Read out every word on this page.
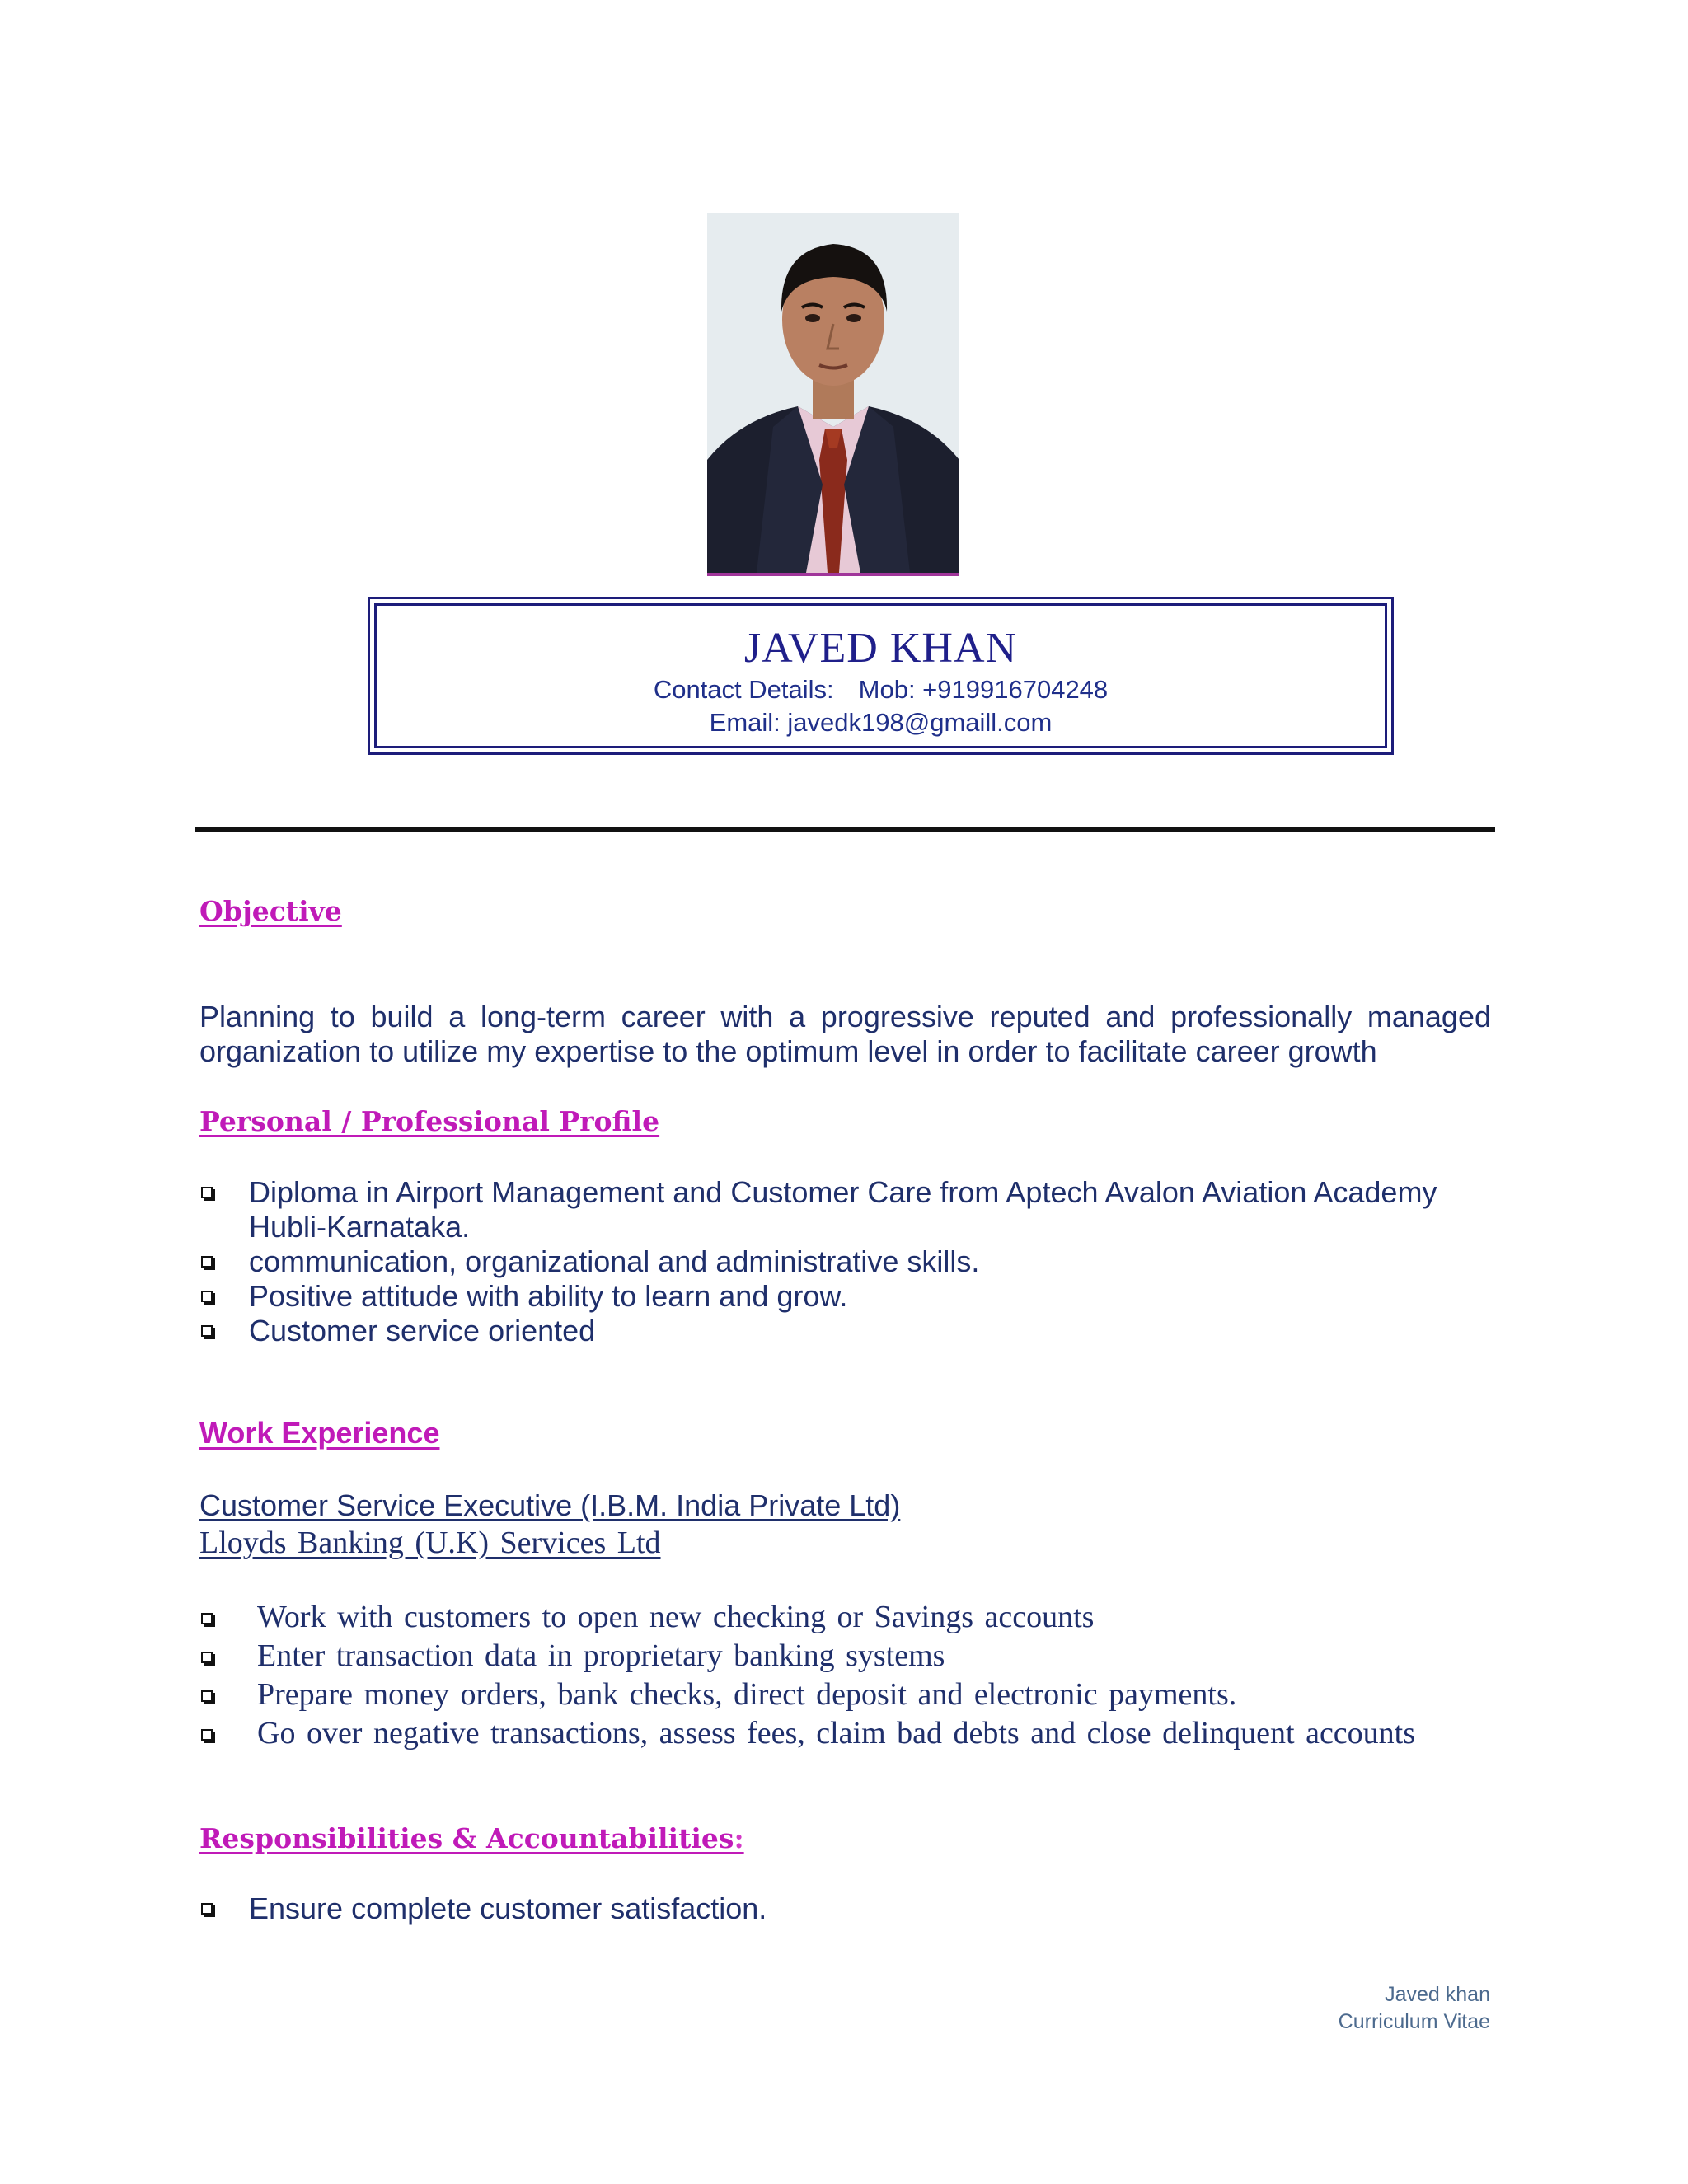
JAVED KHAN
Contact Details: Mob: +919916704248
Email: javedk198@gmaill.com
Objective
Planning to build a long-term career with a progressive reputed and professionally managed organization to utilize my expertise to the optimum level in order to facilitate career growth
Personal / Professional Profile
Diploma in Airport Management and Customer Care from Aptech Avalon Aviation Academy Hubli-Karnataka.
communication, organizational and administrative skills.
Positive attitude with ability to learn and grow.
Customer service oriented
Work Experience
Customer Service Executive (I.B.M. India Private Ltd)
Lloyds Banking (U.K) Services Ltd
Work with customers to open new checking or Savings accounts
Enter transaction data in proprietary banking systems
Prepare money orders, bank checks, direct deposit and electronic payments.
Go over negative transactions, assess fees, claim bad debts and close delinquent accounts
Responsibilities & Accountabilities:
Ensure complete customer satisfaction.
Javed khan
Curriculum Vitae
